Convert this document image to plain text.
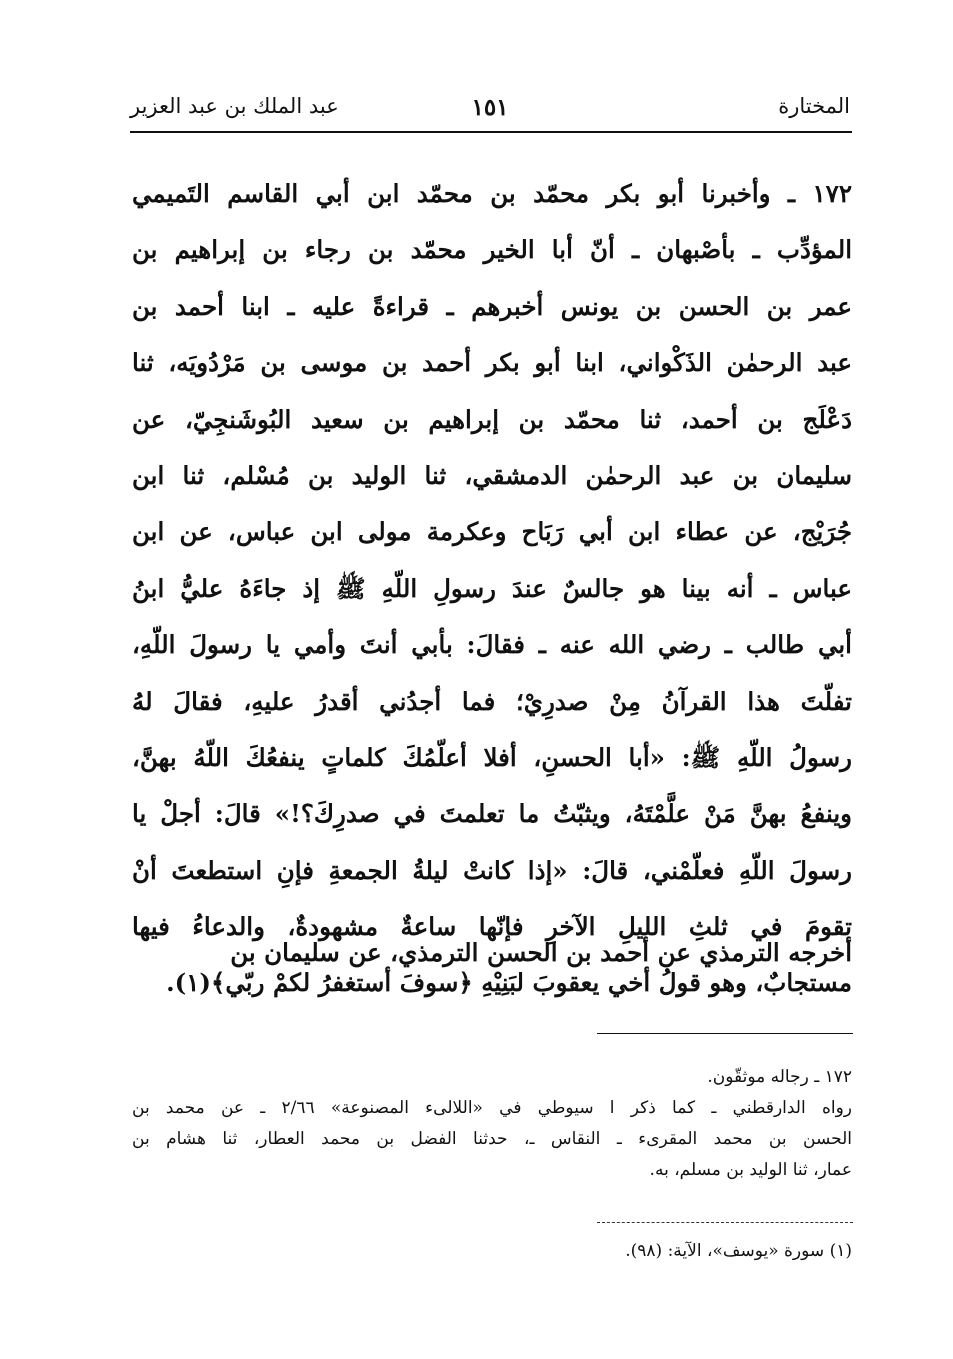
المختارة
١٥١
عبد الملك بن عبد العزير
١٧٢ ـ وأخبرنا أبو بكر محمّد بن محمّد ابن أبي القاسم التَميمي
المؤدِّب ـ بأصْبهان ـ أنّ أبا الخير محمّد بن رجاء بن إبراهيم بن
عمر بن الحسن بن يونس أخبرهم ـ قراءةً عليه ـ ابنا أحمد بن
عبد الرحمٰن الذَكْواني، ابنا أبو بكر أحمد بن موسى بن مَرْدُويَه، ثنا
دَعْلَج بن أحمد، ثنا محمّد بن إبراهيم بن سعيد البُوشَنجِيّ، عن
سليمان بن عبد الرحمٰن الدمشقي، ثنا الوليد بن مُسْلم، ثنا ابن
جُرَيْج، عن عطاء ابن أبي رَبَاح وعكرمة مولى ابن عباس، عن ابن
عباس ـ أنه بينا هو جالسٌ عندَ رسولِ اللّهِ ﷺ إذ جاءَهُ عليُّ ابنُ
أبي طالب ـ رضي الله عنه ـ فقالَ: بأبي أنتَ وأمي يا رسولَ اللّهِ،
تفلّتَ هذا القرآنُ مِنْ صدرِيْ؛ فما أجدُني أقدرُ عليهِ، فقالَ لهُ
رسولُ اللّهِ ﷺ: «أبا الحسنِ، أفلا أعلّمُكَ كلماتٍ ينفعُكَ اللّهُ بهنَّ،
وينفعُ بهنَّ مَنْ علَّمْتَهُ، ويثبّتُ ما تعلمتَ في صدرِكَ؟!» قالَ: أجلْ يا
رسولَ اللّهِ فعلّمْني، قالَ: «إذا كانتْ ليلةُ الجمعةِ فإنِ استطعتَ أنْ
تقومَ في ثلثِ الليلِ الآخرِ فإنّها ساعةٌ مشهودةٌ، والدعاءُ فيها
مستجابٌ، وهو قولُ أخي يعقوبَ لبَنِيْهِ ﴿سوفَ أستغفرُ لكمْ ربّي﴾(١).
أخرجه الترمذي عن أحمد بن الحسن الترمذي، عن سليمان بن
١٧٢ ـ رجاله موثقّون.
رواه الدارقطني ـ كما ذكر ا سيوطي في «اللالىء المصنوعة» ٢/٦٦ ـ عن محمد بن
الحسن بن محمد المقرىء ـ النقاس ـ، حدثنا الفضل بن محمد العطار، ثنا هشام بن
عمار، ثنا الوليد بن مسلم، به.
(١) سورة «يوسف»، الآية: (٩٨).
